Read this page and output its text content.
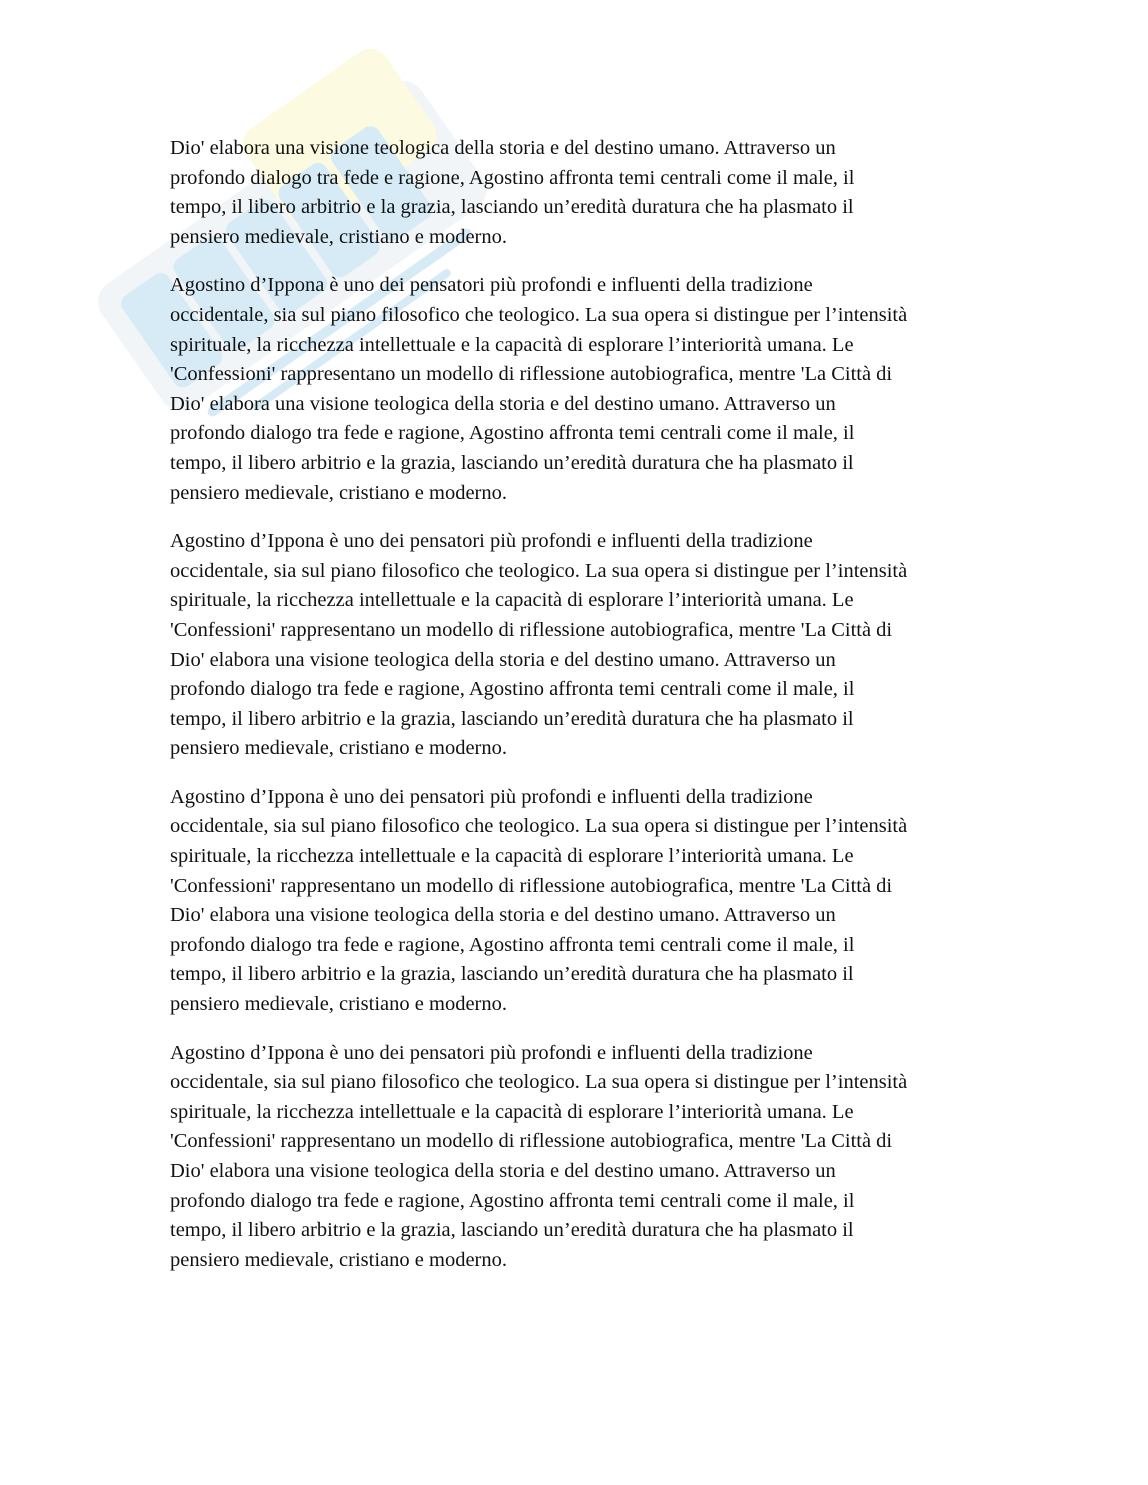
Dio' elabora una visione teologica della storia e del destino umano. Attraverso un
profondo dialogo tra fede e ragione, Agostino affronta temi centrali come il male, il
tempo, il libero arbitrio e la grazia, lasciando un’eredità duratura che ha plasmato il
pensiero medievale, cristiano e moderno.

Agostino d’Ippona è uno dei pensatori più profondi e influenti della tradizione
occidentale, sia sul piano filosofico che teologico. La sua opera si distingue per l’intensità
spirituale, la ricchezza intellettuale e la capacità di esplorare l’interiorità umana. Le
'Confessioni' rappresentano un modello di riflessione autobiografica, mentre 'La Città di
Dio' elabora una visione teologica della storia e del destino umano. Attraverso un
profondo dialogo tra fede e ragione, Agostino affronta temi centrali come il male, il
tempo, il libero arbitrio e la grazia, lasciando un’eredità duratura che ha plasmato il
pensiero medievale, cristiano e moderno.

Agostino d’Ippona è uno dei pensatori più profondi e influenti della tradizione
occidentale, sia sul piano filosofico che teologico. La sua opera si distingue per l’intensità
spirituale, la ricchezza intellettuale e la capacità di esplorare l’interiorità umana. Le
'Confessioni' rappresentano un modello di riflessione autobiografica, mentre 'La Città di
Dio' elabora una visione teologica della storia e del destino umano. Attraverso un
profondo dialogo tra fede e ragione, Agostino affronta temi centrali come il male, il
tempo, il libero arbitrio e la grazia, lasciando un’eredità duratura che ha plasmato il
pensiero medievale, cristiano e moderno.

Agostino d’Ippona è uno dei pensatori più profondi e influenti della tradizione
occidentale, sia sul piano filosofico che teologico. La sua opera si distingue per l’intensità
spirituale, la ricchezza intellettuale e la capacità di esplorare l’interiorità umana. Le
'Confessioni' rappresentano un modello di riflessione autobiografica, mentre 'La Città di
Dio' elabora una visione teologica della storia e del destino umano. Attraverso un
profondo dialogo tra fede e ragione, Agostino affronta temi centrali come il male, il
tempo, il libero arbitrio e la grazia, lasciando un’eredità duratura che ha plasmato il
pensiero medievale, cristiano e moderno.

Agostino d’Ippona è uno dei pensatori più profondi e influenti della tradizione
occidentale, sia sul piano filosofico che teologico. La sua opera si distingue per l’intensità
spirituale, la ricchezza intellettuale e la capacità di esplorare l’interiorità umana. Le
'Confessioni' rappresentano un modello di riflessione autobiografica, mentre 'La Città di
Dio' elabora una visione teologica della storia e del destino umano. Attraverso un
profondo dialogo tra fede e ragione, Agostino affronta temi centrali come il male, il
tempo, il libero arbitrio e la grazia, lasciando un’eredità duratura che ha plasmato il
pensiero medievale, cristiano e moderno.
